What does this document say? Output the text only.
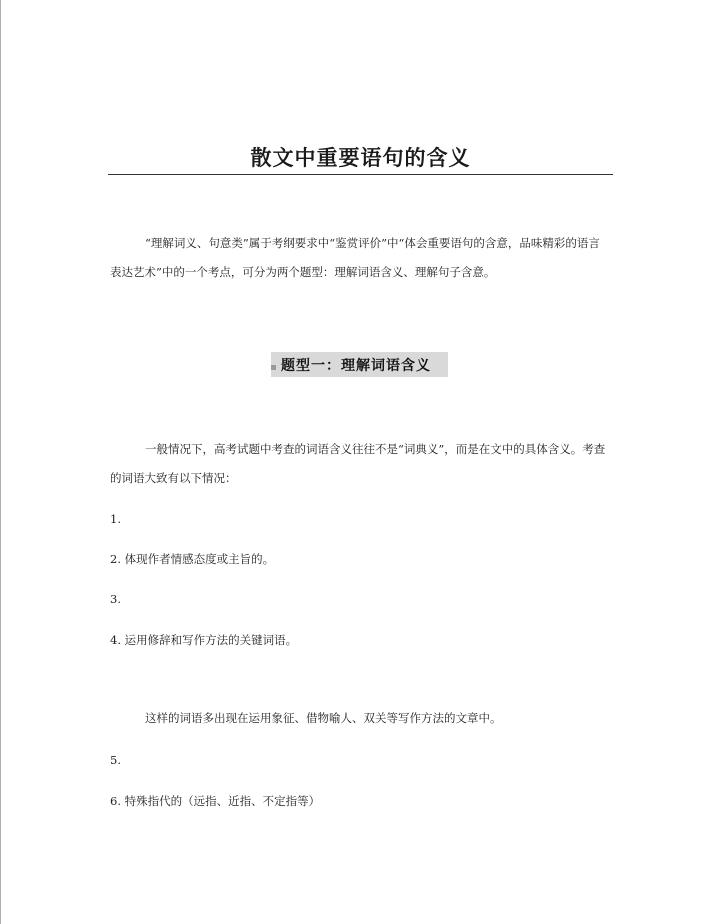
散文中重要语句的含义
“理解词义、句意类”属于考纲要求中“鉴赏评价”中“体会重要语句的含意，品味精彩的语言表达艺术”中的一个考点，可分为两个题型：理解词语含义、理解句子含意。
题型一：理解词语含义
一般情况下，高考试题中考查的词语含义往往不是“词典义”，而是在文中的具体含义。考查的词语大致有以下情况：
1.
2. 体现作者情感态度或主旨的。
3.
4. 运用修辞和写作方法的关键词语。
这样的词语多出现在运用象征、借物喻人、双关等写作方法的文章中。
5.
6. 特殊指代的（远指、近指、不定指等）
